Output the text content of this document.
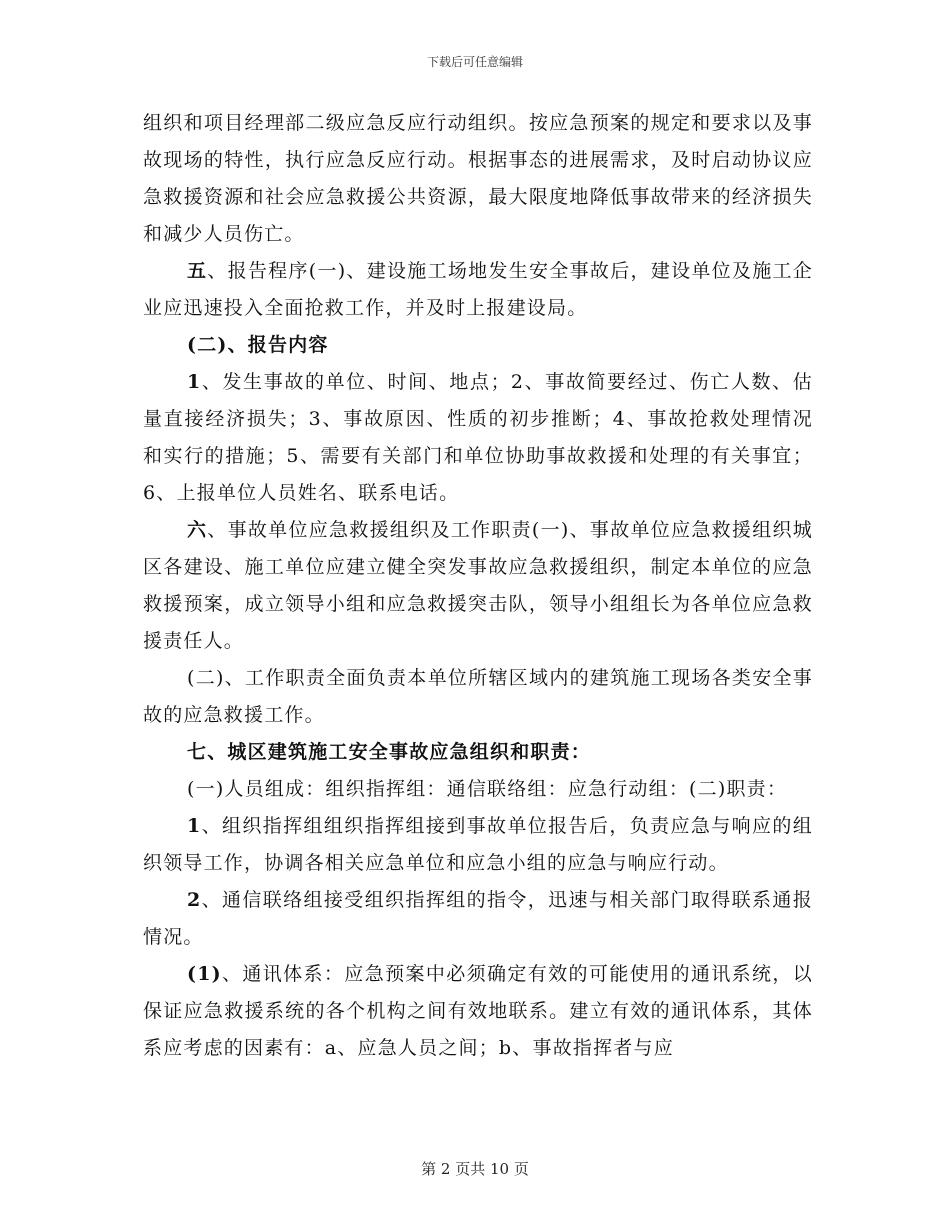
下载后可任意编辑

组织和项目经理部二级应急反应行动组织。按应急预案的规定和要求以及事故现场的特性，执行应急反应行动。根据事态的进展需求，及时启动协议应急救援资源和社会应急救援公共资源，最大限度地降低事故带来的经济损失和减少人员伤亡。

五、报告程序(一)、建设施工场地发生安全事故后，建设单位及施工企业应迅速投入全面抢救工作，并及时上报建设局。

(二)、报告内容

1、发生事故的单位、时间、地点；2、事故简要经过、伤亡人数、估量直接经济损失；3、事故原因、性质的初步推断；4、事故抢救处理情况和实行的措施；5、需要有关部门和单位协助事故救援和处理的有关事宜；6、上报单位人员姓名、联系电话。

六、事故单位应急救援组织及工作职责(一)、事故单位应急救援组织城区各建设、施工单位应建立健全突发事故应急救援组织，制定本单位的应急救援预案，成立领导小组和应急救援突击队，领导小组组长为各单位应急救援责任人。

(二)、工作职责全面负责本单位所辖区域内的建筑施工现场各类安全事故的应急救援工作。

七、城区建筑施工安全事故应急组织和职责：

(一)人员组成：组织指挥组：通信联络组：应急行动组：(二)职责：

1、组织指挥组组织指挥组接到事故单位报告后，负责应急与响应的组织领导工作，协调各相关应急单位和应急小组的应急与响应行动。

2、通信联络组接受组织指挥组的指令，迅速与相关部门取得联系通报情况。

(1)、通讯体系：应急预案中必须确定有效的可能使用的通讯系统，以保证应急救援系统的各个机构之间有效地联系。建立有效的通讯体系，其体系应考虑的因素有：a、应急人员之间；b、事故指挥者与应

第 2 页共 10 页
